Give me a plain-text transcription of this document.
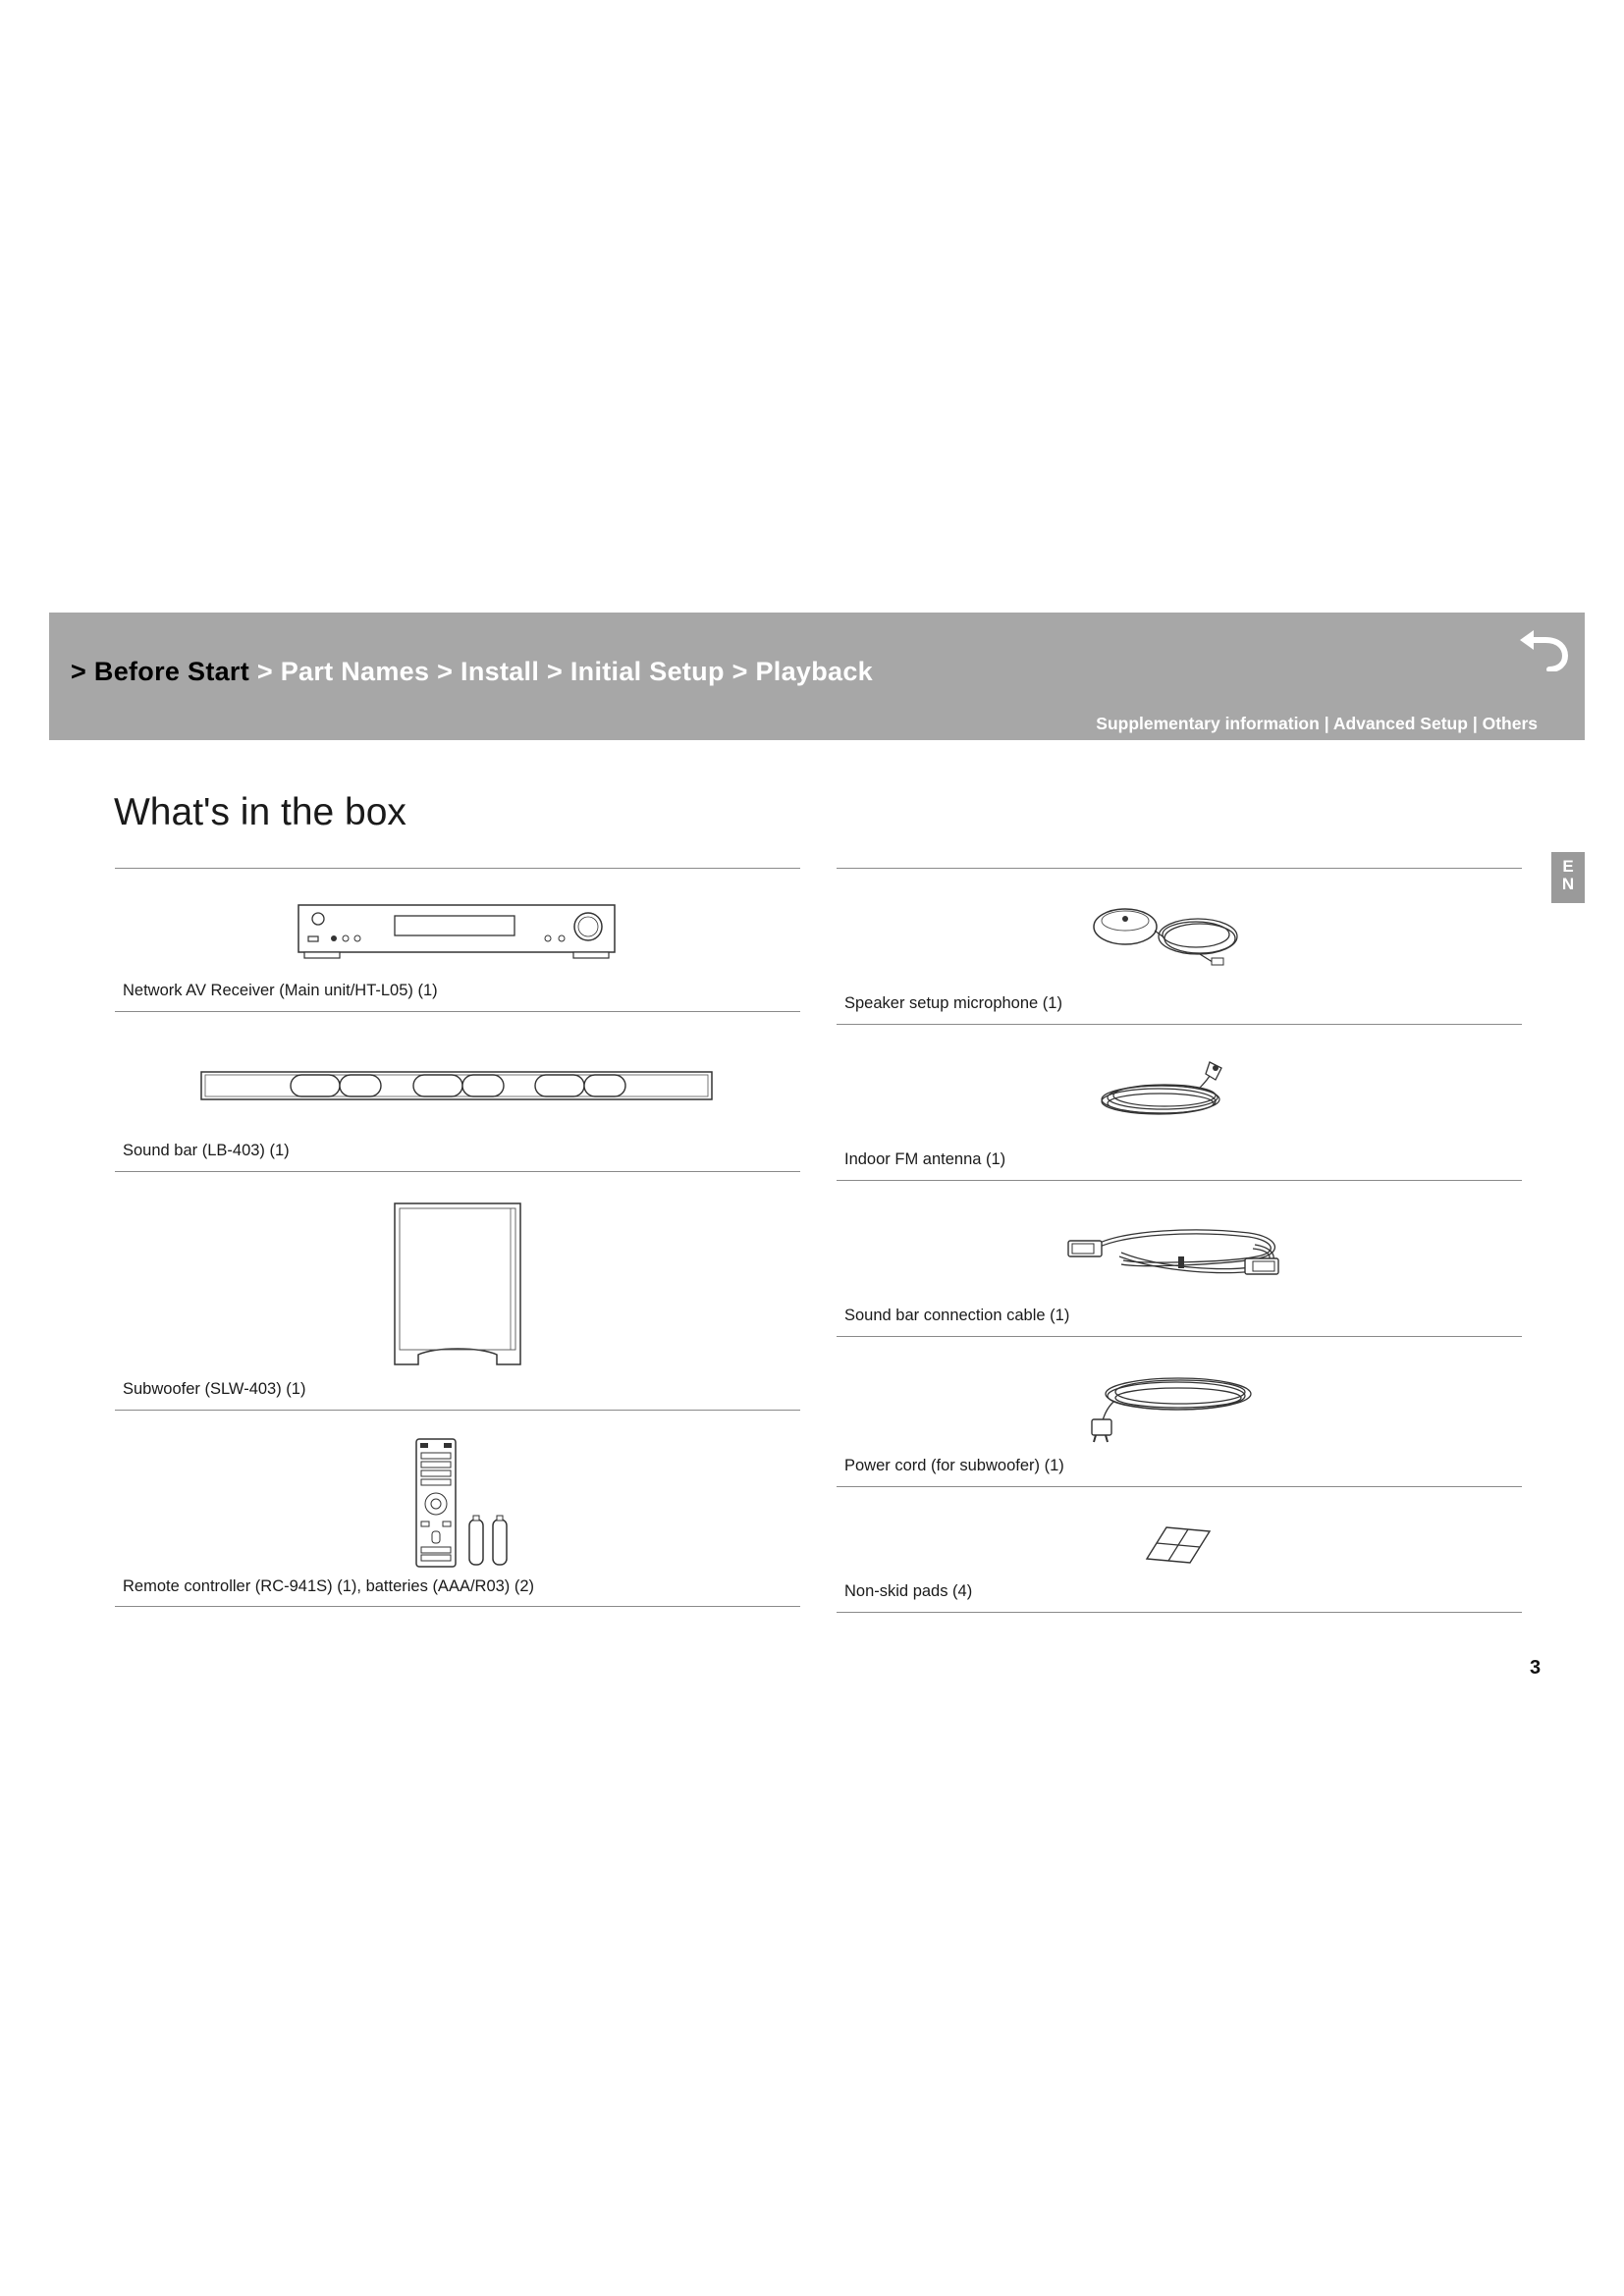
> Before Start > Part Names > Install > Initial Setup > Playback
Supplementary information | Advanced Setup | Others
What's in the box
E
N
Network AV Receiver (Main unit/HT-L05) (1)
Sound bar (LB-403) (1)
Subwoofer (SLW-403) (1)
Remote controller (RC-941S) (1), batteries (AAA/R03) (2)
Speaker setup microphone (1)
Indoor FM antenna (1)
Sound bar connection cable (1)
Power cord (for subwoofer) (1)
Non-skid pads (4)
3
